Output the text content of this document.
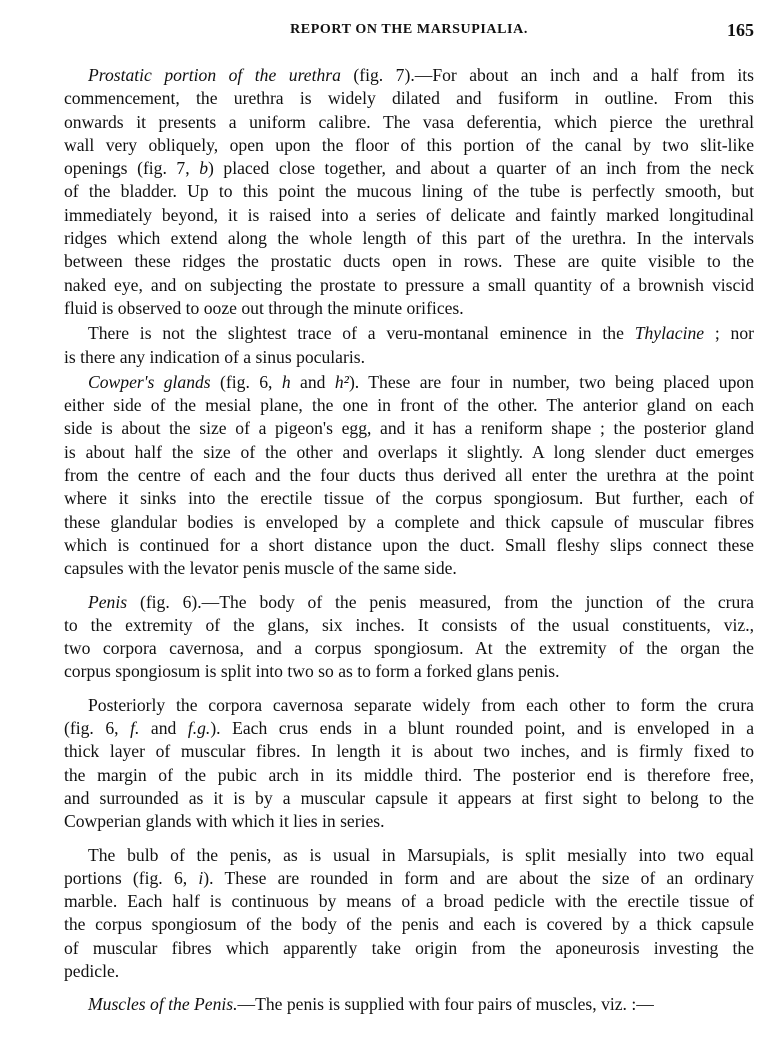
REPORT ON THE MARSUPIALIA.	165
Prostatic portion of the urethra (fig. 7).—For about an inch and a half from its
commencement, the urethra is widely dilated and fusiform in outline. From this
onwards it presents a uniform calibre. The vasa deferentia, which pierce the urethral
wall very obliquely, open upon the floor of this portion of the canal by two slit-like
openings (fig. 7, b) placed close together, and about a quarter of an inch from the neck
of the bladder. Up to this point the mucous lining of the tube is perfectly smooth, but
immediately beyond, it is raised into a series of delicate and faintly marked longitudinal
ridges which extend along the whole length of this part of the urethra. In the intervals
between these ridges the prostatic ducts open in rows. These are quite visible to the
naked eye, and on subjecting the prostate to pressure a small quantity of a brownish viscid
fluid is observed to ooze out through the minute orifices.
There is not the slightest trace of a veru-montanal eminence in the Thylacine ; nor
is there any indication of a sinus pocularis.
Cowper's glands (fig. 6, h and h²). These are four in number, two being placed upon
either side of the mesial plane, the one in front of the other. The anterior gland on each
side is about the size of a pigeon's egg, and it has a reniform shape ; the posterior gland
is about half the size of the other and overlaps it slightly. A long slender duct emerges
from the centre of each and the four ducts thus derived all enter the urethra at the point
where it sinks into the erectile tissue of the corpus spongiosum. But further, each of
these glandular bodies is enveloped by a complete and thick capsule of muscular fibres
which is continued for a short distance upon the duct. Small fleshy slips connect these
capsules with the levator penis muscle of the same side.
Penis (fig. 6).—The body of the penis measured, from the junction of the crura
to the extremity of the glans, six inches. It consists of the usual constituents, viz.,
two corpora cavernosa, and a corpus spongiosum. At the extremity of the organ the
corpus spongiosum is split into two so as to form a forked glans penis.
Posteriorly the corpora cavernosa separate widely from each other to form the crura
(fig. 6, f. and f.g.). Each crus ends in a blunt rounded point, and is enveloped in a
thick layer of muscular fibres. In length it is about two inches, and is firmly fixed to
the margin of the pubic arch in its middle third. The posterior end is therefore free,
and surrounded as it is by a muscular capsule it appears at first sight to belong to the
Cowperian glands with which it lies in series.
The bulb of the penis, as is usual in Marsupials, is split mesially into two equal
portions (fig. 6, i). These are rounded in form and are about the size of an ordinary
marble. Each half is continuous by means of a broad pedicle with the erectile tissue of
the corpus spongiosum of the body of the penis and each is covered by a thick capsule
of muscular fibres which apparently take origin from the aponeurosis investing the
pedicle.
Muscles of the Penis.—The penis is supplied with four pairs of muscles, viz. :—
